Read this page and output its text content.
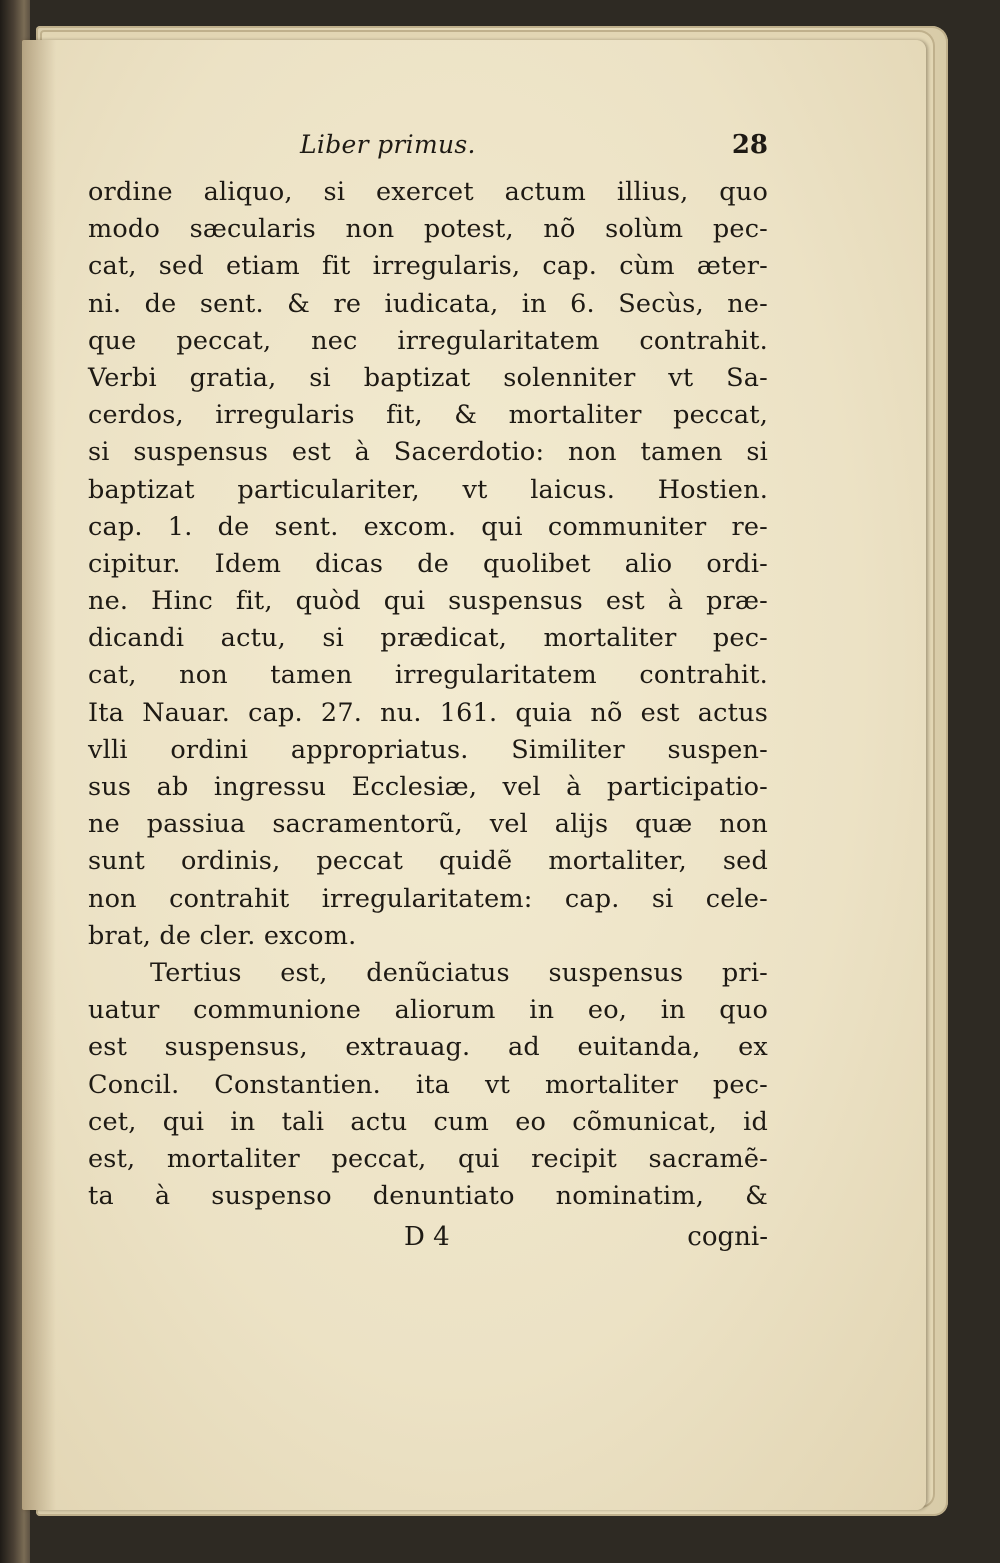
Liber primus.	28
ordine aliquo, si exercet actum illius, quo
modo sæcularis non potest, nõ solùm pec-
cat, sed etiam fit irregularis, cap. cùm æter-
ni. de sent. & re iudicata, in 6. Secùs, ne-
que peccat, nec irregularitatem contrahit.
Verbi gratia, si baptizat solenniter vt Sa-
cerdos, irregularis fit, & mortaliter peccat,
si suspensus est à Sacerdotio: non tamen si
baptizat particulariter, vt laicus. Hostien.
cap. 1. de sent. excom. qui communiter re-
cipitur. Idem dicas de quolibet alio ordi-
ne. Hinc fit, quòd qui suspensus est à præ-
dicandi actu, si prædicat, mortaliter pec-
cat, non tamen irregularitatem contrahit.
Ita Nauar. cap. 27. nu. 161. quia nõ est actus
vlli ordini appropriatus. Similiter suspen-
sus ab ingressu Ecclesiæ, vel à participatio-
ne passiua sacramentorũ, vel alijs quæ non
sunt ordinis, peccat quidẽ mortaliter, sed
non contrahit irregularitatem: cap. si cele-
brat, de cler. excom.
Tertius est, denũciatus suspensus pri-
uatur communione aliorum in eo, in quo
est suspensus, extrauag. ad euitanda, ex
Concil. Constantien. ita vt mortaliter pec-
cet, qui in tali actu cum eo cõmunicat, id
est, mortaliter peccat, qui recipit sacramẽ-
ta à suspenso denuntiato nominatim, &
D 4	cogni-
